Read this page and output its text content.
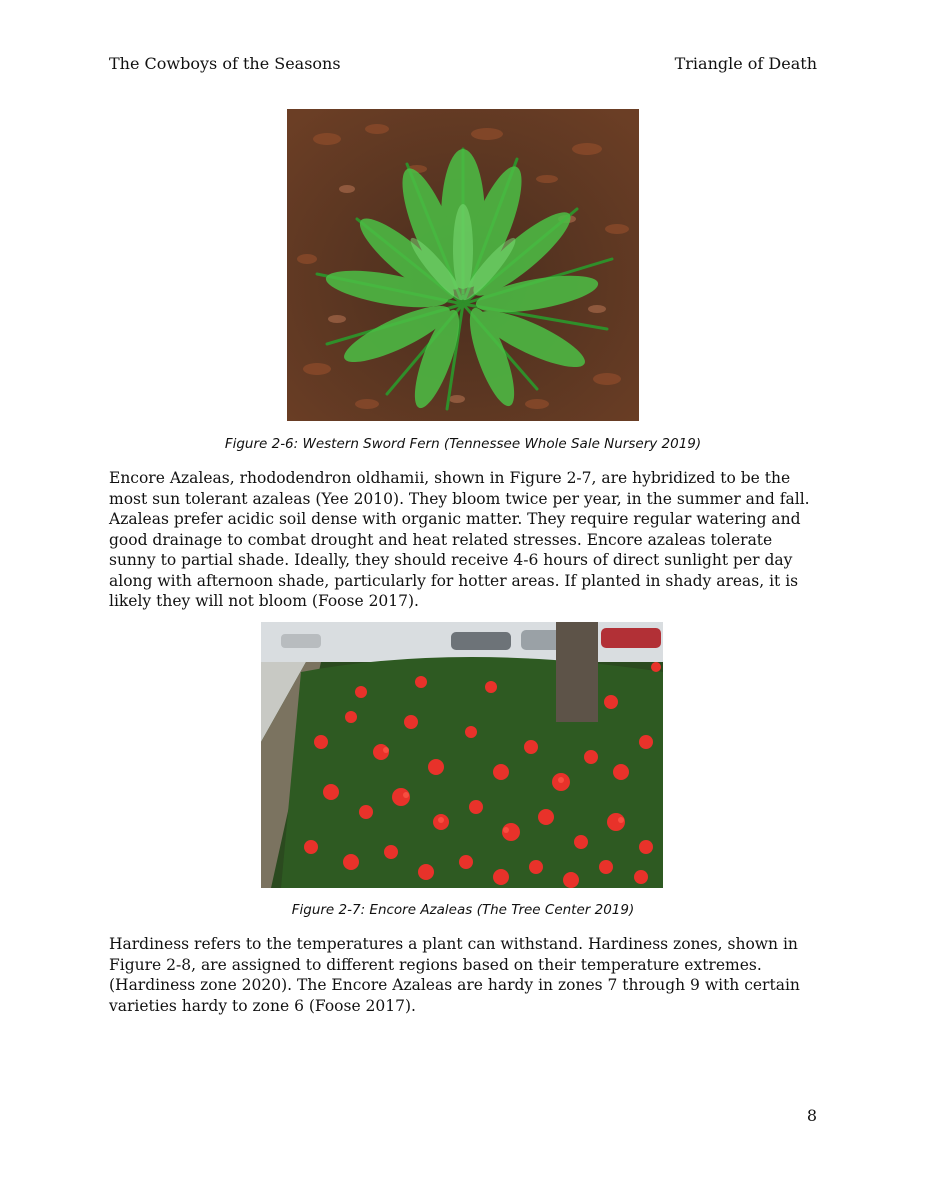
The Cowboys of the Seasons	Triangle of Death
Figure 2-6: Western Sword Fern (Tennessee Whole Sale Nursery 2019)
Encore Azaleas, rhododendron oldhamii, shown in Figure 2-7, are hybridized to be the most sun tolerant azaleas (Yee 2010). They bloom twice per year, in the summer and fall. Azaleas prefer acidic soil dense with organic matter. They require regular watering and good drainage to combat drought and heat related stresses. Encore azaleas tolerate sunny to partial shade. Ideally, they should receive 4-6 hours of direct sunlight per day along with afternoon shade, particularly for hotter areas. If planted in shady areas, it is likely they will not bloom (Foose 2017).
Figure 2-7: Encore Azaleas (The Tree Center 2019)
Hardiness refers to the temperatures a plant can withstand. Hardiness zones, shown in Figure 2-8, are assigned to different regions based on their temperature extremes. (Hardiness zone 2020). The Encore Azaleas are hardy in zones 7 through 9 with certain varieties hardy to zone 6 (Foose 2017).
8
